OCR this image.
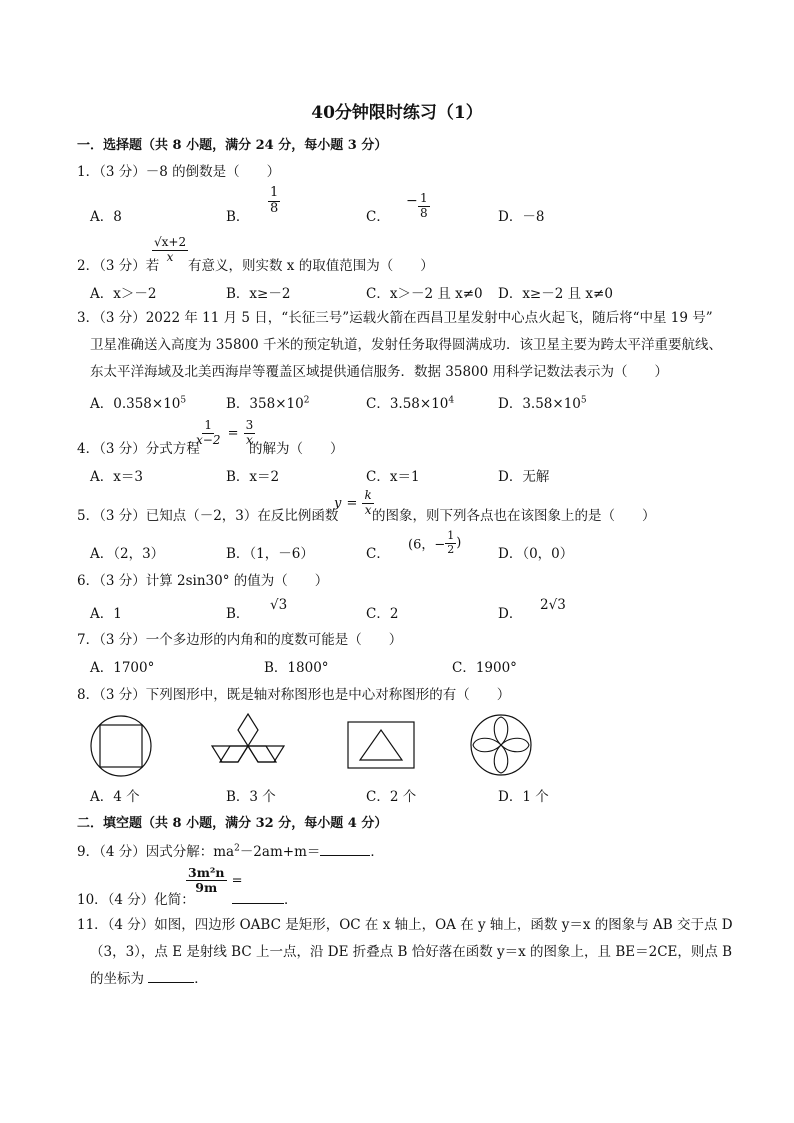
40分钟限时练习（1）
一．选择题（共 8 小题，满分 24 分，每小题 3 分）
1．（3 分）－8 的倒数是（　　）
A．8	B．
$\frac{1}{8}$
C．
− $\frac{1}{8}$	D．－8
2．（3 分）若
$\frac{√x+2}{x}$
有意义，则实数 x 的取值范围为（　　）
A．x＞－2	B．x≥－2	C．x＞－2 且 x≠0 D．x≥－2 且 x≠0
3．（3 分）2022 年 11 月 5 日，“长征三号”运载火箭在西昌卫星发射中心点火起飞，随后将“中星 19 号”
卫星准确送入高度为 35800 千米的预定轨道，发射任务取得圆满成功．该卫星主要为跨太平洋重要航线、
东太平洋海域及北美西海岸等覆盖区域提供通信服务．数据 35800 用科学记数法表示为（　　）
A．$0.358\times 10^5$	B．$358\times 10^2$	C．$3.58\times 10^4$	D．$3.58\times 10^5$
4．（3 分）分式方程
$\frac{1}{x-2} = \frac{3}{x}$
的解为（　　）
A．x＝3	B．x＝2	C．x＝1	D．无解
5．（3 分）已知点（－2，3）在反比例函数
$y = \frac{k}{x}$
的图象，则下列各点也在该图象上的是（　　）
A．（2，3）	B．（1，－6）	C．
(6，− $\frac{1}{2}$ )
D．（0，0）
6．（3 分）计算 2sin30° 的值为（　　）
A．1	B．
√3
C．2	D．
2√3
7．（3 分）一个多边形的内角和的度数可能是（　　）
A．1700°	B．1800°	C．1900°
8．（3 分）下列图形中，既是轴对称图形也是中心对称图形的有（　　）
A．4 个	B．3 个	C．2 个	D．1 个
二．填空题（共 8 小题，满分 32 分，每小题 4 分）
9．（4 分）因式分解：$ma^2-2am+m=$	．
10．（4 分）化简：
$\frac{\text{3m²n}}{9m}$ =
．
11．（4 分）如图，四边形 OABC 是矩形，OC 在 x 轴上，OA 在 y 轴上，函数 y＝x 的图象与 AB 交于点 D
（3，3），点 E 是射线 BC 上一点，沿 DE 折叠点 B 恰好落在函数 y＝x 的图象上，且 BE＝2CE，则点 B
的坐标为	．
